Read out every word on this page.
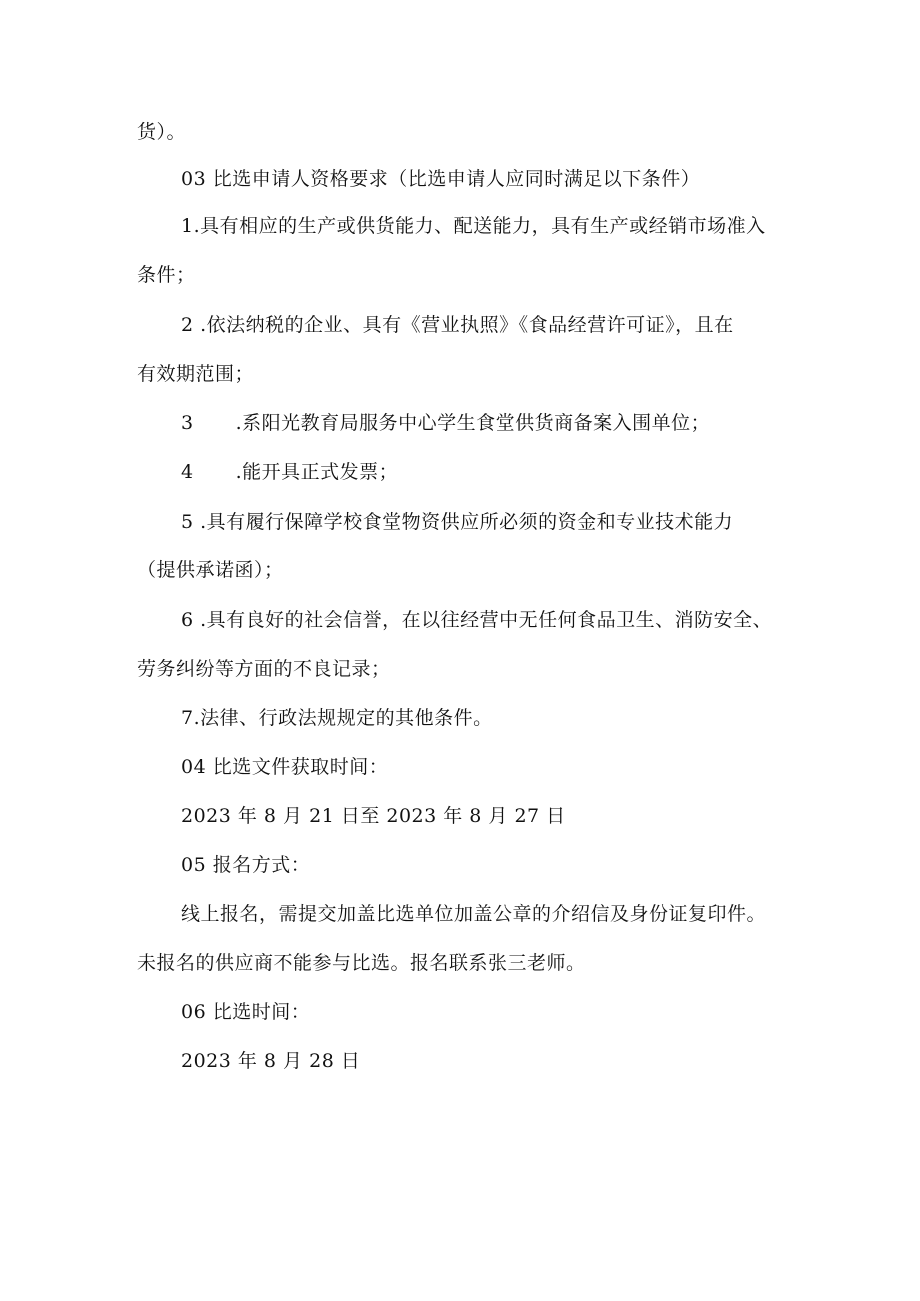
货）。
03 比选申请人资格要求（比选申请人应同时满足以下条件）
1.具有相应的生产或供货能力、配送能力，具有生产或经销市场准入
条件；
2 .依法纳税的企业、具有《营业执照》《食品经营许可证》，且在
有效期范围；
3 .系阳光教育局服务中心学生食堂供货商备案入围单位；
4 .能开具正式发票；
5 .具有履行保障学校食堂物资供应所必须的资金和专业技术能力
（提供承诺函）；
6 .具有良好的社会信誉，在以往经营中无任何食品卫生、消防安全、
劳务纠纷等方面的不良记录；
7.法律、行政法规规定的其他条件。
04 比选文件获取时间：
2023 年 8 月 21 日至 2023 年 8 月 27 日
05 报名方式：
线上报名，需提交加盖比选单位加盖公章的介绍信及身份证复印件。
未报名的供应商不能参与比选。报名联系张三老师。
06 比选时间：
2023 年 8 月 28 日
